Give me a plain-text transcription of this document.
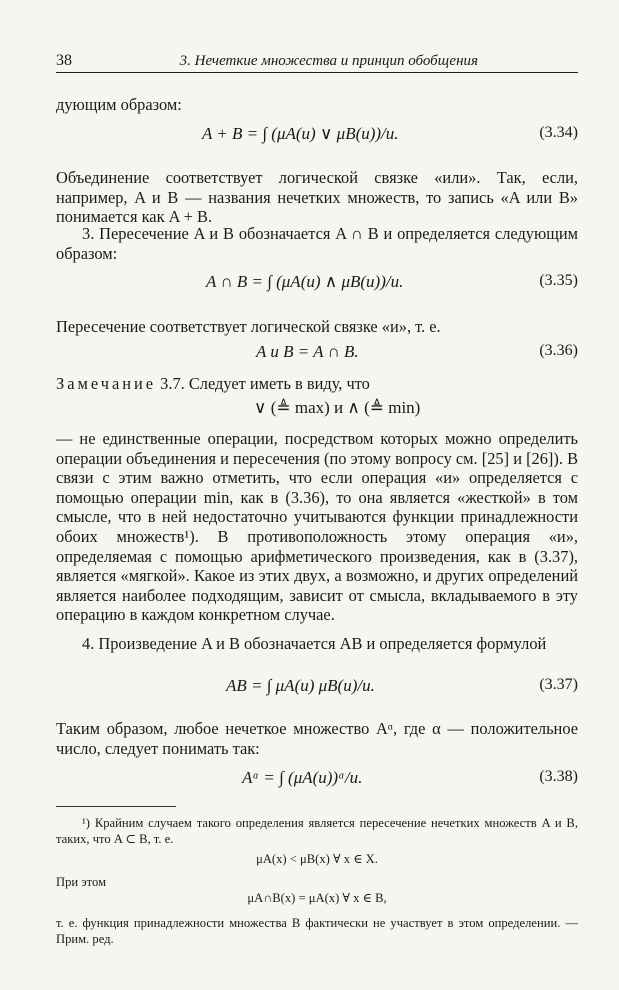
38	3. Нечеткие множества и принцип обобщения
дующим образом:
A + B = ∫ (μA(u) ∨ μB(u))/u.	(3.34)
Объединение соответствует логической связке «или». Так, если, например, A и B — названия нечетких множеств, то запись «A или B» понимается как A + B.
3. Пересечение A и B обозначается A ∩ B и определяется следующим образом:
A ∩ B = ∫ (μA(u) ∧ μB(u))/u.	(3.35)
Пересечение соответствует логической связке «и», т. е.
A и B = A ∩ B.	(3.36)
Замечание 3.7. Следует иметь в виду, что
∨ (≜ max) и ∧ (≜ min)
— не единственные операции, посредством которых можно определить операции объединения и пересечения (по этому вопросу см. [25] и [26]). В связи с этим важно отметить, что если операция «и» определяется с помощью операции min, как в (3.36), то она является «жесткой» в том смысле, что в ней недостаточно учитываются функции принадлежности обоих множеств¹). В противоположность этому операция «и», определяемая с помощью арифметического произведения, как в (3.37), является «мягкой». Какое из этих двух, а возможно, и других определений является наиболее подходящим, зависит от смысла, вкладываемого в эту операцию в каждом конкретном случае.
4. Произведение A и B обозначается AB и определяется формулой
AB = ∫ μA(u) μB(u)/u.	(3.37)
Таким образом, любое нечеткое множество Aᵅ, где α — положительное число, следует понимать так:
Aᵅ = ∫ (μA(u))ᵅ/u.	(3.38)
¹) Крайним случаем такого определения является пересечение нечетких множеств A и B, таких, что A ⊂ B, т. е.
μA(x) < μB(x) ∀ x ∈ X.
При этом
μA∩B(x) = μA(x) ∀ x ∈ B,
т. е. функция принадлежности множества B фактически не участвует в этом определении. — Прим. ред.
